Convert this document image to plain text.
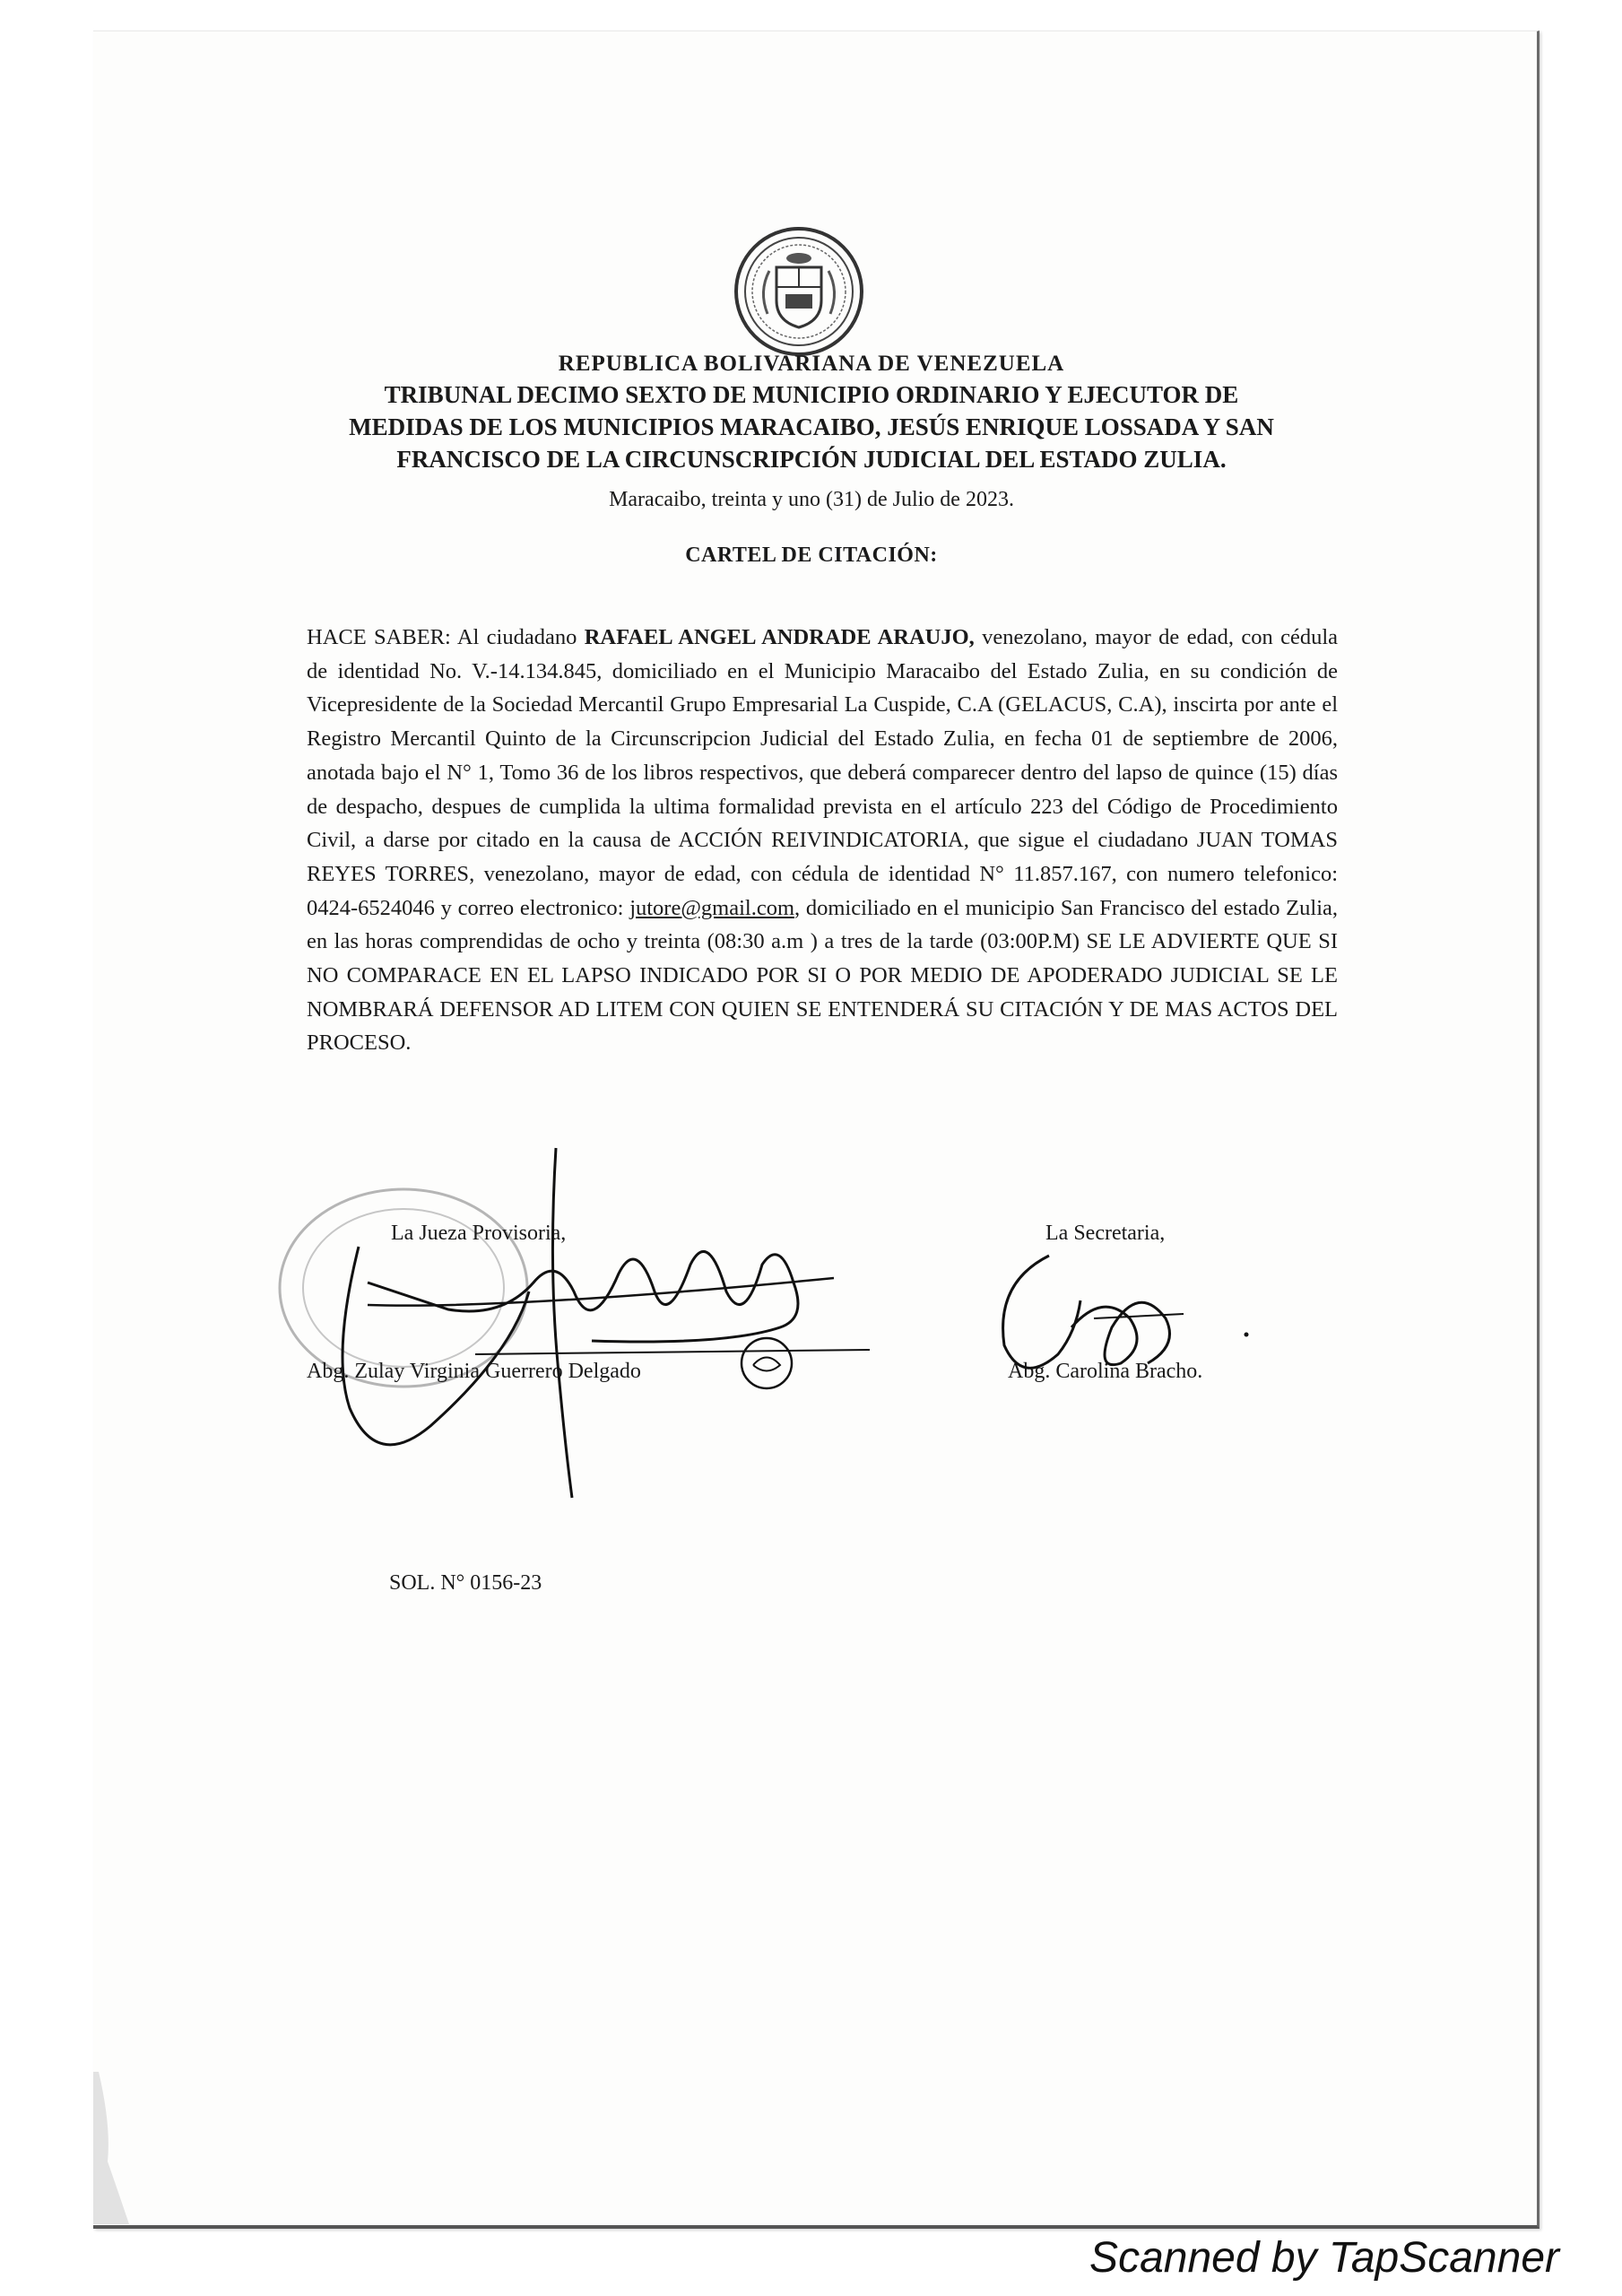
REPUBLICA BOLIVARIANA DE VENEZUELA
TRIBUNAL DECIMO SEXTO DE MUNICIPIO ORDINARIO Y EJECUTOR DE
MEDIDAS DE LOS MUNICIPIOS MARACAIBO, JESÚS ENRIQUE LOSSADA Y SAN
FRANCISCO DE LA CIRCUNSCRIPCIÓN JUDICIAL DEL ESTADO ZULIA.
Maracaibo, treinta y uno (31) de Julio de 2023.
CARTEL DE CITACIÓN:
HACE SABER: Al ciudadano RAFAEL ANGEL ANDRADE ARAUJO, venezolano, mayor de edad, con cédula de identidad No. V.-14.134.845, domiciliado en el Municipio Maracaibo del Estado Zulia, en su condición de Vicepresidente de la Sociedad Mercantil Grupo Empresarial La Cuspide, C.A (GELACUS, C.A), inscirta por ante el Registro Mercantil Quinto de la Circunscripcion Judicial del Estado Zulia, en fecha 01 de septiembre de 2006, anotada bajo el N° 1, Tomo 36 de los libros respectivos, que deberá comparecer dentro del lapso de quince (15) días de despacho, despues de cumplida la ultima formalidad prevista en el artículo 223 del Código de Procedimiento Civil, a darse por citado en la causa de ACCIÓN REIVINDICATORIA, que sigue el ciudadano JUAN TOMAS REYES TORRES, venezolano, mayor de edad, con cédula de identidad N° 11.857.167, con numero telefonico: 0424-6524046 y correo electronico: jutore@gmail.com, domiciliado en el municipio San Francisco del estado Zulia, en las horas comprendidas de ocho y treinta (08:30 a.m ) a tres de la tarde (03:00P.M) SE LE ADVIERTE QUE SI NO COMPARACE EN EL LAPSO INDICADO POR SI O POR MEDIO DE APODERADO JUDICIAL SE LE NOMBRARÁ DEFENSOR AD LITEM CON QUIEN SE ENTENDERÁ SU CITACIÓN Y DE MAS ACTOS DEL PROCESO.
La Jueza Provisoria,
Abg. Zulay Virginia Guerrero Delgado
La Secretaria,
Abg. Carolina Bracho.
SOL. N° 0156-23
Scanned by TapScanner
